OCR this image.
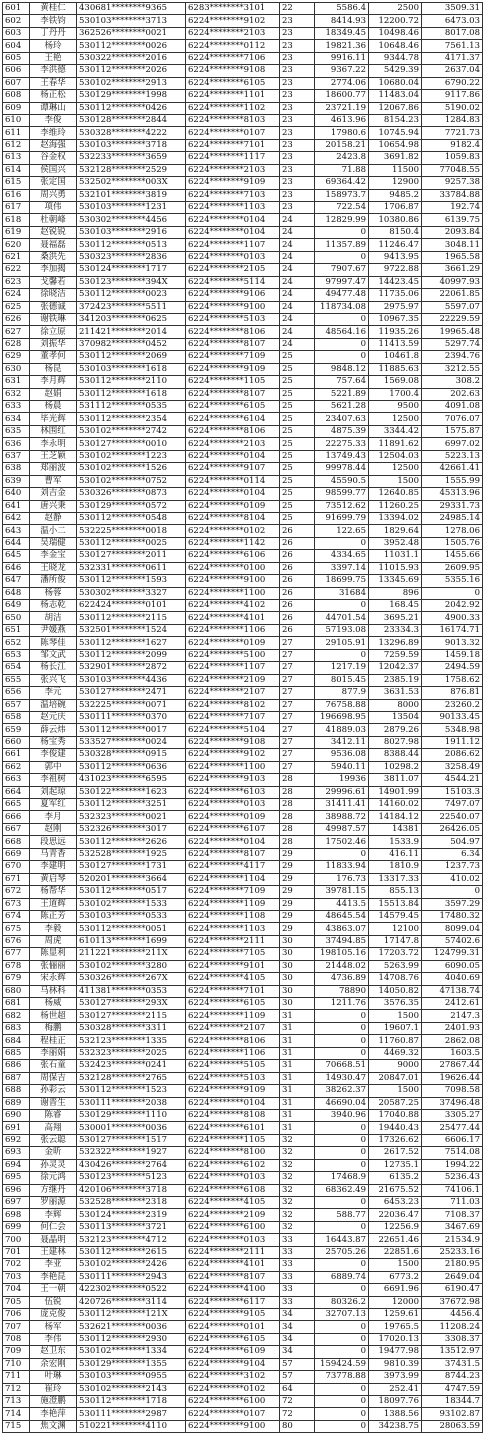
601	黄桂仁	430681********9365	6283********3101	22	5586.4	2500	3509.31
602	李铁钧	530103********3713	6224********9102	23	8414.93	12200.72	6473.03
603	丁丹丹	362526********0021	6224********2103	23	18349.45	10498.46	8017.08
604	杨玲	530112********0026	6224********0112	23	19821.36	10648.46	7561.13
605	王艳	530322********2016	6224********7106	23	9916.11	9344.78	4171.37
606	李洪德	530112********2026	6224********9108	23	9367.22	5429.39	2637.04
607	王春华	530102********2913	6224********6105	23	2774.06	10680.04	6790.22
608	杨正松	530129********1998	6224********1101	23	18600.77	11483.04	9117.86
609	谭琳山	530112********0426	6224********1102	23	23721.19	12067.86	5190.02
610	李俊	530128********2844	6224********8103	23	4613.96	8154.23	1284.83
611	李维玲	530328********4222	6224********0107	23	17980.6	10745.94	7721.73
612	赵海强	530103********3718	6224********7101	23	20158.21	10654.98	9182.4
613	谷金权	532233********3659	6224********1117	23	2423.8	3691.82	1059.83
614	侯国兴	532128********2529	6224********2103	23	71.88	11500	77048.55
615	张定国	532502********003X	6224********9109	23	69364.42	12900	9257.38
616	周兴勇	532101********3819	6224********7103	23	158973.7	9485.2	33784.88
617	项伟	530103********1231	6224********1103	23	722.54	1706.87	192.74
618	杜朝峰	530302********4456	6224********0104	24	12829.99	10380.86	6139.75
619	赵锐锐	530103********2916	6224********0104	24	0	8150.4	2093.84
620	聂福磊	530112********0513	6224********1107	24	11357.89	11246.47	3048.11
621	桑洪先	530323********2836	6224********0103	24	0	9413.95	1965.58
622	李加揭	530124********1717	6224********2105	24	7907.67	9722.88	3661.29
623	戈馨若	530123********394X	6224********5114	24	97997.47	14423.45	40997.93
624	徐晓洁	530112********0023	6224********9106	24	49477.48	11735.06	22061.85
625	张德诚	372423********5511	6224********9100	24	118734.08	2975.97	5597.07
626	谢铁琳	341203********0625	6224********5103	24	0	10967.35	22229.59
627	徐立原	211421********2014	6224********8106	24	48564.16	11935.26	19965.48
628	刘振华	370982********0452	6224********8107	24	0	11413.59	5297.74
629	董孝何	530112********2069	6224********7109	25	0	10461.8	2394.76
630	杨昆	530103********1618	6224********9109	25	9848.12	11885.63	3212.55
631	李月辉	530112********2110	6224********1105	25	757.64	1569.08	308.2
632	赵娟	530112********1618	6224********8107	25	5221.89	1700.4	202.63
633	杨晨	531112********0535	6224********6105	25	5621.28	9500	4091.08
634	毕光辉	530112********2354	6224********6104	25	23407.63	12500	7076.07
635	林围红	530102********2742	6224********8106	25	4875.39	3344.42	1575.87
636	李永明	530127********0010	6224********2103	25	22275.33	11891.62	6997.02
637	王芝颖	530102********1223	6224********0104	25	13749.43	12504.03	5223.13
638	郑丽波	530102********1526	6224********9107	25	99978.44	12500	42661.41
639	曹军	530102********0752	6224********0114	25	45590.5	1500	1555.99
640	刘吉金	530326********0873	6224********0104	25	98599.77	12640.85	45313.96
641	唐兴秉	530129********0572	6224********0109	25	73512.62	11260.25	29331.73
642	赵静	530112********0548	6224********8104	25	91699.79	13394.02	24985.14
643	温小二	532225********0018	6224********0102	26	122.65	1829.64	1278.06
644	吴瑞健	530112********0025	6224********1142	26	0	3952.48	1505.76
645	李金宝	530127********2011	6224********6106	26	4334.65	11031.1	1455.66
646	王晓龙	532331********0611	6224********0100	26	3397.14	11015.93	2609.95
647	潘所俊	530112********1593	6224********9100	26	18699.75	13345.69	5355.16
648	杨蓉	530302********3327	6224********1100	26	31684	896	0
649	杨志乾	622424********0101	6224********4102	26	0	168.45	2042.92
650	胡洁	530112********2115	6224********4101	26	44701.54	3695.21	4900.33
651	尹媛燕	532501********1524	6224********1106	26	57193.08	23334.3	16174.71
652	陈琴佳	530112********1627	6224********0109	27	29105.91	13296.89	9013.32
653	邹文武	530112********2099	6224********5100	27	0	7259.59	1459.18
654	杨长江	532901********2872	6224********1107	27	1217.19	12042.37	2494.59
655	张兴飞	530103********4436	6224********2109	27	8015.45	2385.19	1758.62
656	李元	530127********2471	6224********2107	27	877.9	3631.53	876.81
657	温培碗	532225********0071	6224********8102	27	76758.88	8000	23260.2
658	赵元庆	530111********0370	6224********7107	27	196698.95	13504	90133.45
659	薛云炜	530112********0017	6224********5104	27	41889.03	2879.26	5348.98
660	杨宝秀	533527********0024	6224********9108	27	3412.11	8027.98	1911.12
661	李俊建	530328********0915	6224********9102	27	9536.08	8388.44	2086.62
662	郭中	530112********0636	6224********1100	27	5940.11	10298.2	3258.49
663	李祖树	431023********6595	6224********9103	28	19936	3811.07	4544.21
664	刘起琼	530122********1623	6224********6103	28	29996.61	14901.99	15103.3
665	夏军红	530112********3251	6224********0103	28	31411.41	14160.02	7497.07
666	李月	532323********0021	6224********0109	28	38988.72	14184.12	22540.07
667	赵刚	532326********3017	6224********6107	28	49987.57	14381	26426.05
668	段思远	530112********2626	6224********0104	28	17502.46	1533.9	504.97
669	马青香	532528********1925	6224********8107	29	0	416.11	6.34
670	李建明	530127********1731	6224********4117	29	11833.94	1810.9	1237.73
671	黄启琴	520201********3664	6224********1104	29	176.73	13317.33	410.02
672	杨帮华	530112********0517	6224********7109	29	39781.15	855.13	0
673	王道辉	530102********1533	6224********1109	29	4413.5	15513.84	3597.29
674	陈正芳	530103********0533	6224********1108	29	48645.54	14579.45	17480.32
675	李毅	530112********0051	6224********1103	29	43863.07	12100	8099.04
676	周虎	610113********1699	6224********2111	30	37494.85	17147.8	57402.6
677	陈显利	211221********211X	6224********7105	30	198105.16	17203.72	124799.31
678	张俪丽	530102********3280	6224********9101	30	21448.02	5263.99	6090.05
679	宋永辉	530326********267X	6224********4105	30	4736.89	14708.76	4040.69
680	马林科	411381********0353	6224********7101	30	78890	14050.82	47138.74
681	杨威	530127********293X	6224********6105	30	1211.76	3576.35	2412.61
682	杨世超	530127********2115	6224********1109	31	0	1500	2147.3
683	梅鹏	530328********3311	6224********2107	31	0	19607.1	2401.93
684	程桂正	532123********1335	6224********8106	31	0	11760.87	2862.08
685	李丽娟	532323********2025	6224********1106	31	0	4469.32	1603.5
686	张石童	532423********0241	6224********5105	31	70668.51	9000	27867.44
687	周保吉	532128********2765	6224********5103	31	14930.47	20847.01	19626.44
688	孙彩云	530112********1523	6224********9109	31	38262.37	1500	7098.58
689	谢晋生	530111********2038	6224********0104	31	46690.04	20587.25	37496.48
690	陈睿	530129********1110	6224********8108	31	3940.96	17040.88	3305.27
691	高翔	530001********0036	6224********6101	31	0	19440.43	25477.44
692	张云聪	530127********1517	6224********1105	32	0	17326.62	6606.17
693	金昕	532322********1927	6224********8100	32	0	2617.52	7514.08
694	孙灵灵	430426********2764	6224********6102	32	0	12735.1	1994.22
695	徐元鸿	530123********5123	6224********0103	32	17468.9	6135.2	5236.43
696	方继丹	420106********3718	6224********6108	32	68362.49	21675.52	74106.1
697	罗丽源	532528********2318	6224********4105	32	0	6453.23	711.03
698	李辉	530124********2319	6224********2109	32	588.77	22036.47	7108.37
699	何仁会	530113********3721	6224********6100	32	0	12256.9	3467.69
700	聂晶明	532123********4712	6224********0103	33	16443.87	22651.46	21534.9
701	王建林	530112********2615	6224********2111	33	25705.26	22851.6	25233.16
702	李亚	530102********2426	6224********4101	33	0	1500	2180.95
703	李艳昆	530111********2943	6224********8107	33	6889.74	6773.2	2649.04
704	王一朝	422302********0522	6224********4100	33	0	6691.96	6190.47
705	伍锐	420726********3114	6224********6117	33	80326.2	12000	37672.98
706	庞克俊	530112********121X	6224********9105	34	32707.13	1259.61	4456.4
707	杨军	532621********0036	6224********0101	34	0	19765.5	11208.24
708	李伟	530112********2930	6224********6105	34	0	17020.13	3308.37
709	赵卫东	530102********1334	6224********6109	34	0	19477.98	13512.97
710	余宏刚	530129********1355	6224********9104	57	159424.59	9810.39	37431.5
711	叶琳	530103********0955	6224********3102	57	73778.88	3973.99	8744.23
712	崔玲	530102********2143	6224********0102	64	0	252.41	4747.59
713	施澄鹏	530112********1718	6224********6100	72	0	18097.76	18344.7
714	李艳萍	530111********2987	6224********0107	72	0	1388.56	93102.87
715	焦文渊	510221********4110	6224********9100	80	0	34238.75	28063.59
